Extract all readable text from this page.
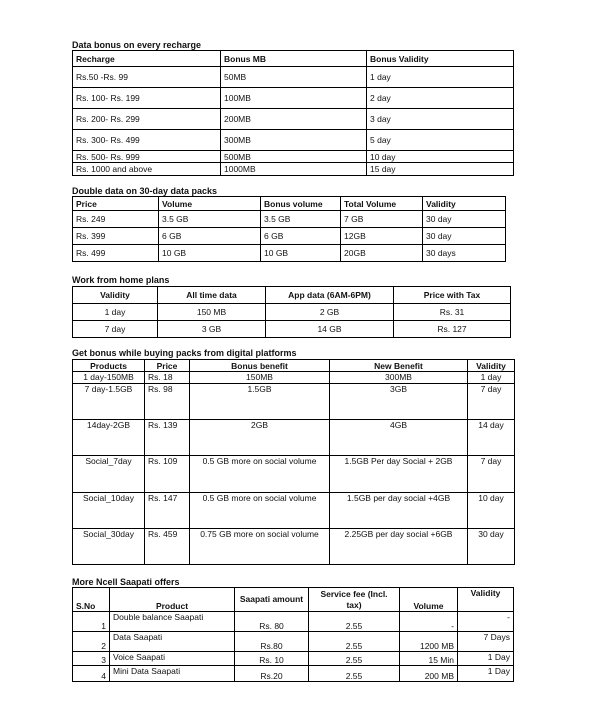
Data bonus on every recharge
Recharge	Bonus MB	Bonus Validity
Rs.50 -Rs. 99	50MB	1 day
Rs. 100- Rs. 199	100MB	2 day
Rs. 200- Rs. 299	200MB	3 day
Rs. 300- Rs. 499	300MB	5 day
Rs. 500- Rs. 999	500MB	10 day
Rs. 1000 and above	1000MB	15 day
Double data on 30-day data packs
Price	Volume	Bonus volume	Total Volume	Validity
Rs. 249	3.5 GB	3.5 GB	7 GB	30 day
Rs. 399	6 GB	6 GB	12GB	30 day
Rs. 499	10 GB	10 GB	20GB	30 days
Work from home plans
Validity	All time data	App data (6AM-6PM)	Price with Tax
1 day	150 MB	2 GB	Rs. 31
7 day	3 GB	14 GB	Rs. 127
Get bonus while buying packs from digital platforms
Products	Price	Bonus benefit	New Benefit	Validity
1 day-150MB	Rs. 18	150MB	300MB	1 day
7 day-1.5GB	Rs. 98	1.5GB	3GB	7 day
14day-2GB	Rs. 139	2GB	4GB	14 day
Social_7day	Rs. 109	0.5 GB more on social volume	1.5GB Per day Social + 2GB	7 day
Social_10day	Rs. 147	0.5 GB more on social volume	1.5GB per day social +4GB	10 day
Social_30day	Rs. 459	0.75 GB more on social volume	2.25GB per day social +6GB	30 day
More Ncell Saapati offers
S.No	Product	Saapati amount	Service fee (Incl. tax)	Volume	Validity
1	Double balance Saapati	Rs. 80	2.55	-	-
2	Data Saapati	Rs.80	2.55	1200 MB	7 Days
3	Voice Saapati	Rs. 10	2.55	15 Min	1 Day
4	Mini Data Saapati	Rs.20	2.55	200 MB	1 Day
